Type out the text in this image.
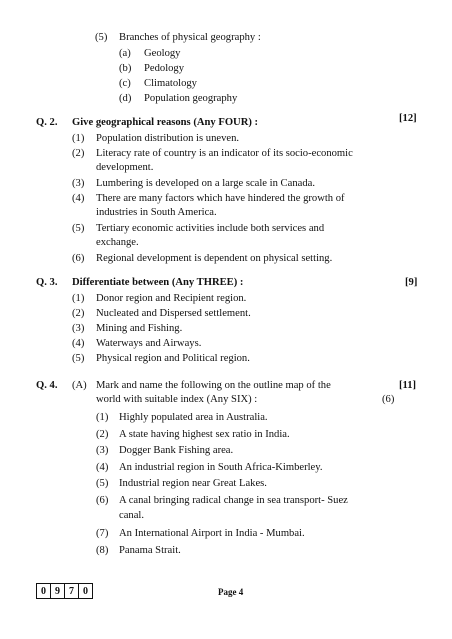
(5) Branches of physical geography :
(a) Geology
(b) Pedology
(c) Climatology
(d) Population geography
Q. 2. Give geographical reasons (Any FOUR) :	[12]
(1) Population distribution is uneven.
(2) Literacy rate of country is an indicator of its socio-economic
development.
(3) Lumbering is developed on a large scale in Canada.
(4) There are many factors which have hindered the growth of
industries in South America.
(5) Tertiary economic activities include both services and
exchange.
(6) Regional development is dependent on physical setting.
Q. 3. Differentiate between (Any THREE) :	[9]
(1) Donor region and Recipient region.
(2) Nucleated and Dispersed settlement.
(3) Mining and Fishing.
(4) Waterways and Airways.
(5) Physical region and Political region.
Q. 4. (A) Mark and name the following on the outline map of the
world with suitable index (Any SIX) :
[11]
(6)
(1) Highly populated area in Australia.
(2) A state having highest sex ratio in India.
(3) Dogger Bank Fishing area.
(4) An industrial region in South Africa-Kimberley.
(5) Industrial region near Great Lakes.
(6) A canal bringing radical change in sea transport- Suez
canal.
(7) An International Airport in India - Mumbai.
(8) Panama Strait.
0 9 7 0	Page 4
